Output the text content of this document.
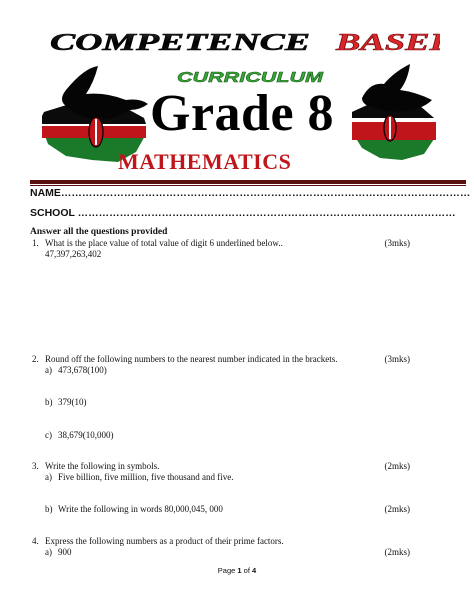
COMPETENCE BASE
CURRICULUM
Grade 8
MATHEMATICS
NAME………………………………………………………………………………………………………
SCHOOL ………………………………………………………………………………………………
Answer all the questions provided
1. What is the place value of total value of digit 6 underlined below..	(3mks)
47,397,263,402
2. Round off the following numbers to the nearest number indicated in the brackets.	(3mks)
a) 473,678(100)
b) 379(10)
c) 38,679(10,000)
3. Write the following in symbols.	(2mks)
a) Five billion, five million, five thousand and five.
b) Write the following in words 80,000,045, 000	(2mks)
4. Express the following numbers as a product of their prime factors.
a) 900	(2mks)
Page 1 of 4
